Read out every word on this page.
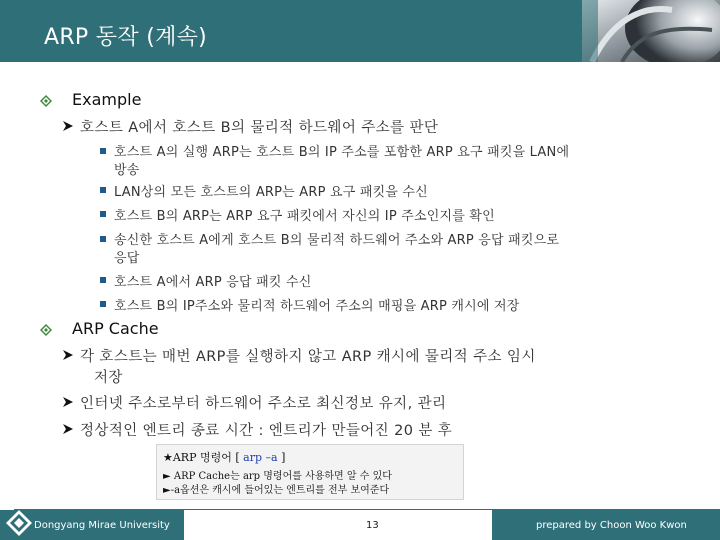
ARP 동작 (계속)
Example
호스트 A에서 호스트 B의 물리적 하드웨어 주소를 판단
호스트 A의 실행 ARP는 호스트 B의 IP 주소를 포함한 ARP 요구 패킷을 LAN에
방송
LAN상의 모든 호스트의 ARP는 ARP 요구 패킷을 수신
호스트 B의 ARP는 ARP 요구 패킷에서 자신의 IP 주소인지를 확인
송신한 호스트 A에게 호스트 B의 물리적 하드웨어 주소와 ARP 응답 패킷으로
응답
호스트 A에서 ARP 응답 패킷 수신
호스트 B의 IP주소와 물리적 하드웨어 주소의 매핑을 ARP 캐시에 저장
ARP Cache
각 호스트는 매번 ARP를 실행하지 않고 ARP 캐시에 물리적 주소 임시
저장
인터넷 주소로부터 하드웨어 주소로 최신정보 유지, 관리
정상적인 엔트리 종료 시간 : 엔트리가 만들어진 20 분 후
★ARP 명령어 [ arp –a ]
► ARP Cache는 arp 명령어를 사용하면 알 수 있다
►-a옵션은 캐시에 들어있는 엔트리를 전부 보여준다
Dongyang Mirae University	13	prepared by Choon Woo Kwon
